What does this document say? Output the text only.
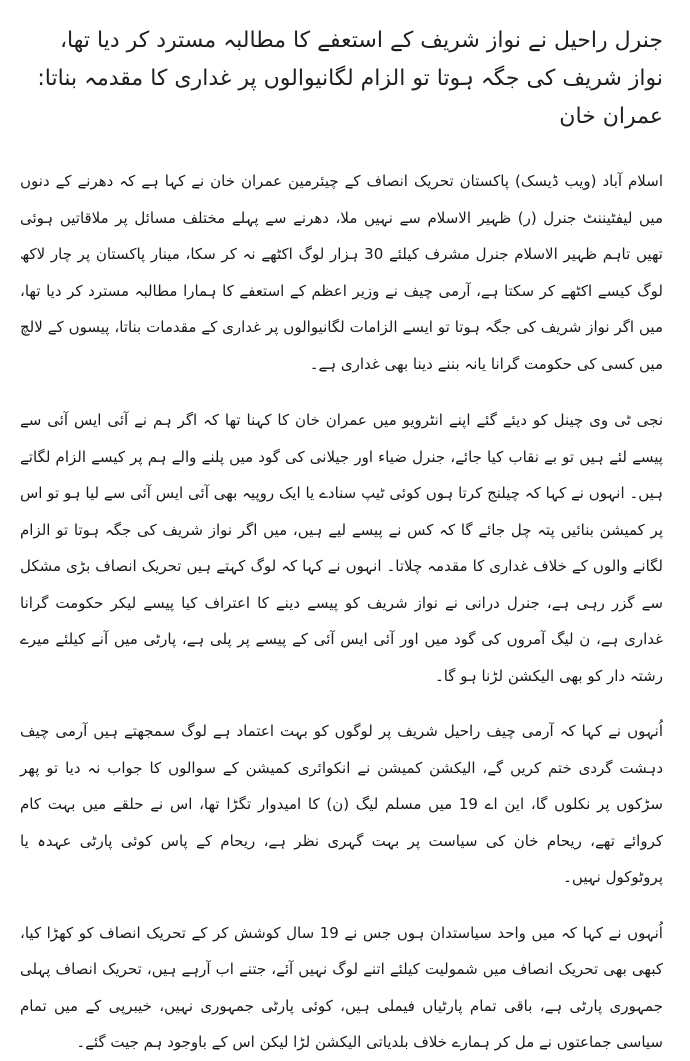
جنرل راحیل نے نواز شریف کے استعفے کا مطالبہ مسترد کر دیا تھا، نواز شریف کی جگہ ہوتا تو الزام لگانیوالوں پر غداری کا مقدمہ بناتا: عمران خان

اسلام آباد (ویب ڈیسک) پاکستان تحریک انصاف کے چیئرمین عمران خان نے کہا ہے کہ دھرنے کے دنوں میں لیفٹیننٹ جنرل (ر) ظہیر الاسلام سے نہیں ملا، دھرنے سے پہلے مختلف مسائل پر ملاقاتیں ہوئی تھیں تاہم ظہیر الاسلام جنرل مشرف کیلئے 30 ہزار لوگ اکٹھے نہ کر سکا، مینار پاکستان پر چار لاکھ لوگ کیسے اکٹھے کر سکتا ہے، آرمی چیف نے وزیر اعظم کے استعفے کا ہمارا مطالبہ مسترد کر دیا تھا، میں اگر نواز شریف کی جگہ ہوتا تو ایسے الزامات لگانیوالوں پر غداری کے مقدمات بناتا، پیسوں کے لالچ میں کسی کی حکومت گرانا یانہ بننے دینا بھی غداری ہے۔

نجی ٹی وی چینل کو دیئے گئے اپنے انٹرویو میں عمران خان کا کہنا تھا کہ اگر ہم نے آئی ایس آئی سے پیسے لئے ہیں تو بے نقاب کیا جائے، جنرل ضیاء اور جیلانی کی گود میں پلنے والے ہم پر کیسے الزام لگاتے ہیں۔ انہوں نے کہا کہ چیلنج کرتا ہوں کوئی ٹیپ سنادے یا ایک روپیہ بھی آئی ایس آئی سے لیا ہو تو اس پر کمیشن بنائیں پتہ چل جائے گا کہ کس نے پیسے لیے ہیں، میں اگر نواز شریف کی جگہ ہوتا تو الزام لگانے والوں کے خلاف غداری کا مقدمہ چلاتا۔ انہوں نے کہا کہ لوگ کہتے ہیں تحریک انصاف بڑی مشکل سے گزر رہی ہے، جنرل درانی نے نواز شریف کو پیسے دینے کا اعتراف کیا پیسے لیکر حکومت گرانا غداری ہے، ن لیگ آمروں کی گود میں اور آئی ایس آئی کے پیسے پر پلی ہے، پارٹی میں آنے کیلئے میرے رشتہ دار کو بھی الیکشن لڑنا ہو گا۔

اُنہوں نے کہا کہ آرمی چیف راحیل شریف پر لوگوں کو بہت اعتماد ہے لوگ سمجھتے ہیں آرمی چیف دہشت گردی ختم کریں گے، الیکشن کمیشن نے انکوائری کمیشن کے سوالوں کا جواب نہ دیا تو پھر سڑکوں پر نکلوں گا، این اے 19 میں مسلم لیگ (ن) کا امیدوار تگڑا تھا، اس نے حلقے میں بہت کام کروائے تھے، ریحام خان کی سیاست پر بہت گہری نظر ہے، ریحام کے پاس کوئی پارٹی عہدہ یا پروٹوکول نہیں۔

اُنہوں نے کہا کہ میں واحد سیاستدان ہوں جس نے 19 سال کوشش کر کے تحریک انصاف کو کھڑا کیا، کبھی بھی تحریک انصاف میں شمولیت کیلئے اتنے لوگ نہیں آئے، جتنے اب آرہے ہیں، تحریک انصاف پہلی جمہوری پارٹی ہے، باقی تمام پارٹیاں فیملی ہیں، کوئی پارٹی جمہوری نہیں، خیبرپی کے میں تمام سیاسی جماعتوں نے مل کر ہمارے خلاف بلدیاتی الیکشن لڑا لیکن اس کے باوجود ہم جیت گئے۔
